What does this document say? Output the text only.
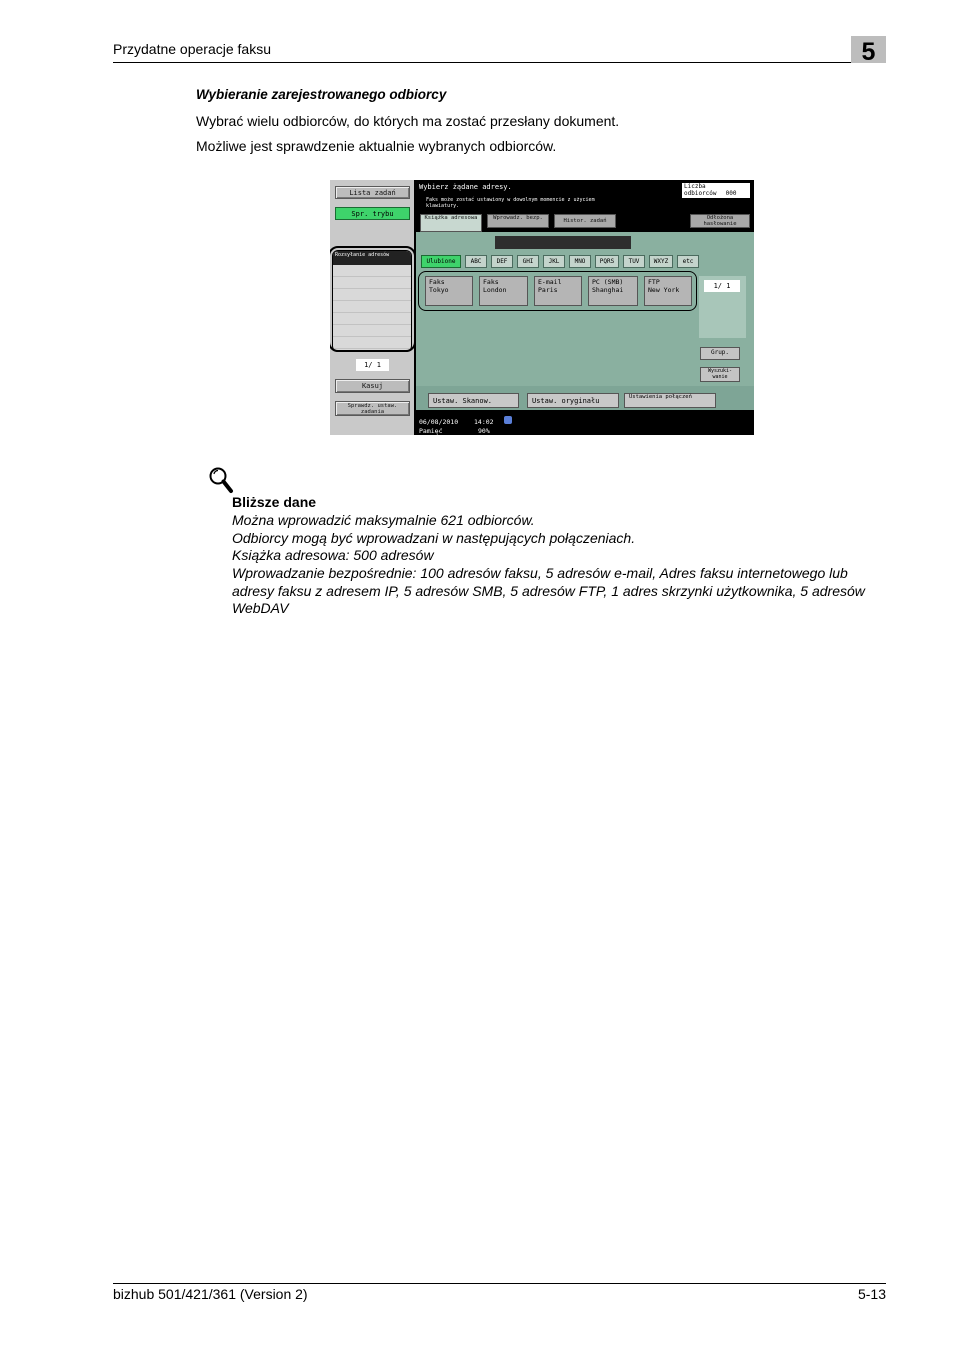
Przydatne operacje faksu	5
Wybieranie zarejestrowanego odbiorcy
Wybrać wielu odbiorców, do których ma zostać przesłany dokument.
Możliwe jest sprawdzenie aktualnie wybranych odbiorców.
Lista zadań
Spr. trybu
Rozsyłanie adresów
1/ 1
Kasuj
Sprawdz. ustaw. zadania
Wybierz żądane adresy.
Faks może zostać ustawiony w dowolnym momencie z użyciem klawiatury.
Liczba odbiorców 000
Książka adresowa	Wprowadz. bezp.	Histor. zadań	Odłożona hasłowanie
Ulubione	ABC	DEF	GHI	JKL	MNO	PQRS	TUV	WXYZ	etc
Faks
Tokyo
Faks
London
E-mail
Paris
PC (SMB)
Shanghai
FTP
New York	1/ 1
Grup.
Wyszuki-wanie
Ustaw. Skanow.	Ustaw. oryginału	Ustawienia połączeń
06/08/2010 14:02
Pamięć	90%
Bliższe dane
Można wprowadzić maksymalnie 621 odbiorców.
Odbiorcy mogą być wprowadzani w następujących połączeniach.
Książka adresowa: 500 adresów
Wprowadzanie bezpośrednie: 100 adresów faksu, 5 adresów e-mail, Adres faksu internetowego lub adresy faksu z adresem IP, 5 adresów SMB, 5 adresów FTP, 1 adres skrzynki użytkownika, 5 adresów WebDAV
bizhub 501/421/361 (Version 2)	5-13
